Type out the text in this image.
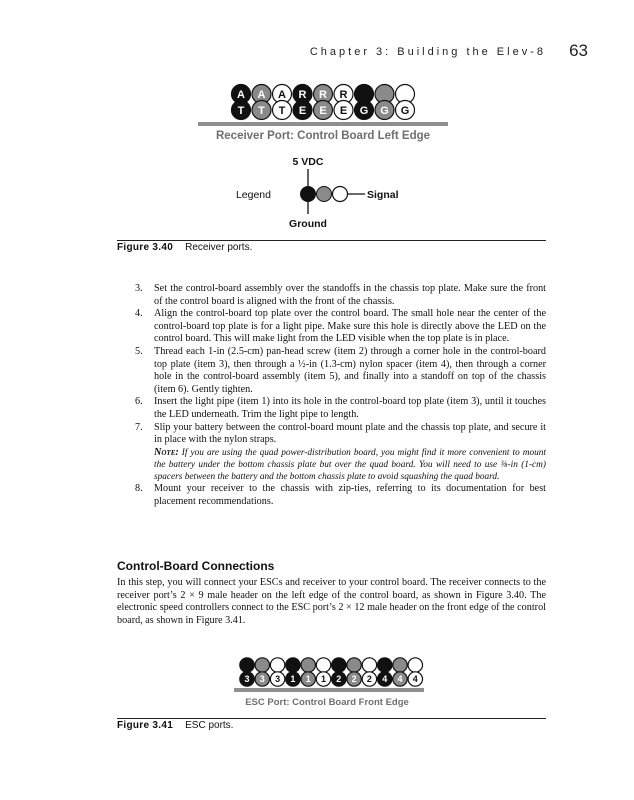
Chapter 3: Building the Elev-8 63
A A A R R R
T T T E E E G G G
Receiver Port: Control Board Left Edge
5 VDC
Legend	Signal
Ground
Figure 3.40 Receiver ports.

3. Set the control-board assembly over the standoffs in the chassis top plate. Make sure the front of the control board is aligned with the front of the chassis.

4. Align the control-board top plate over the control board. The small hole near the center of the control-board top plate is for a light pipe. Make sure this hole is directly above the LED on the control board. This will make light from the LED visible when the top plate is in place.

5. Thread each 1-in (2.5-cm) pan-head screw (item 2) through a corner hole in the control-board top plate (item 3), then through a ½-in (1.3-cm) nylon spacer (item 4), then through a corner hole in the control-board assembly (item 5), and finally into a standoff on top of the chassis (item 6). Gently tighten.

6. Insert the light pipe (item 1) into its hole in the control-board top plate (item 3), until it touches the LED underneath. Trim the light pipe to length.

7. Slip your battery between the control-board mount plate and the chassis top plate, and secure it in place with the nylon straps.

Note: If you are using the quad power-distribution board, you might find it more convenient to mount the battery under the bottom chassis plate but over the quad board. You will need to use ⅜-in (1-cm) spacers between the battery and the bottom chassis plate to avoid squashing the quad board.

8. Mount your receiver to the chassis with zip-ties, referring to its documentation for best placement recommendations.

Control-Board Connections
In this step, you will connect your ESCs and receiver to your control board. The receiver connects to the receiver port’s 2 × 9 male header on the left edge of the control board, as shown in Figure 3.40. The electronic speed controllers connect to the ESC port’s 2 × 12 male header on the front edge of the control board, as shown in Figure 3.41.
3 3 3 1 1 1 2 2 2 4 4 4
ESC Port: Control Board Front Edge
Figure 3.41 ESC ports.
